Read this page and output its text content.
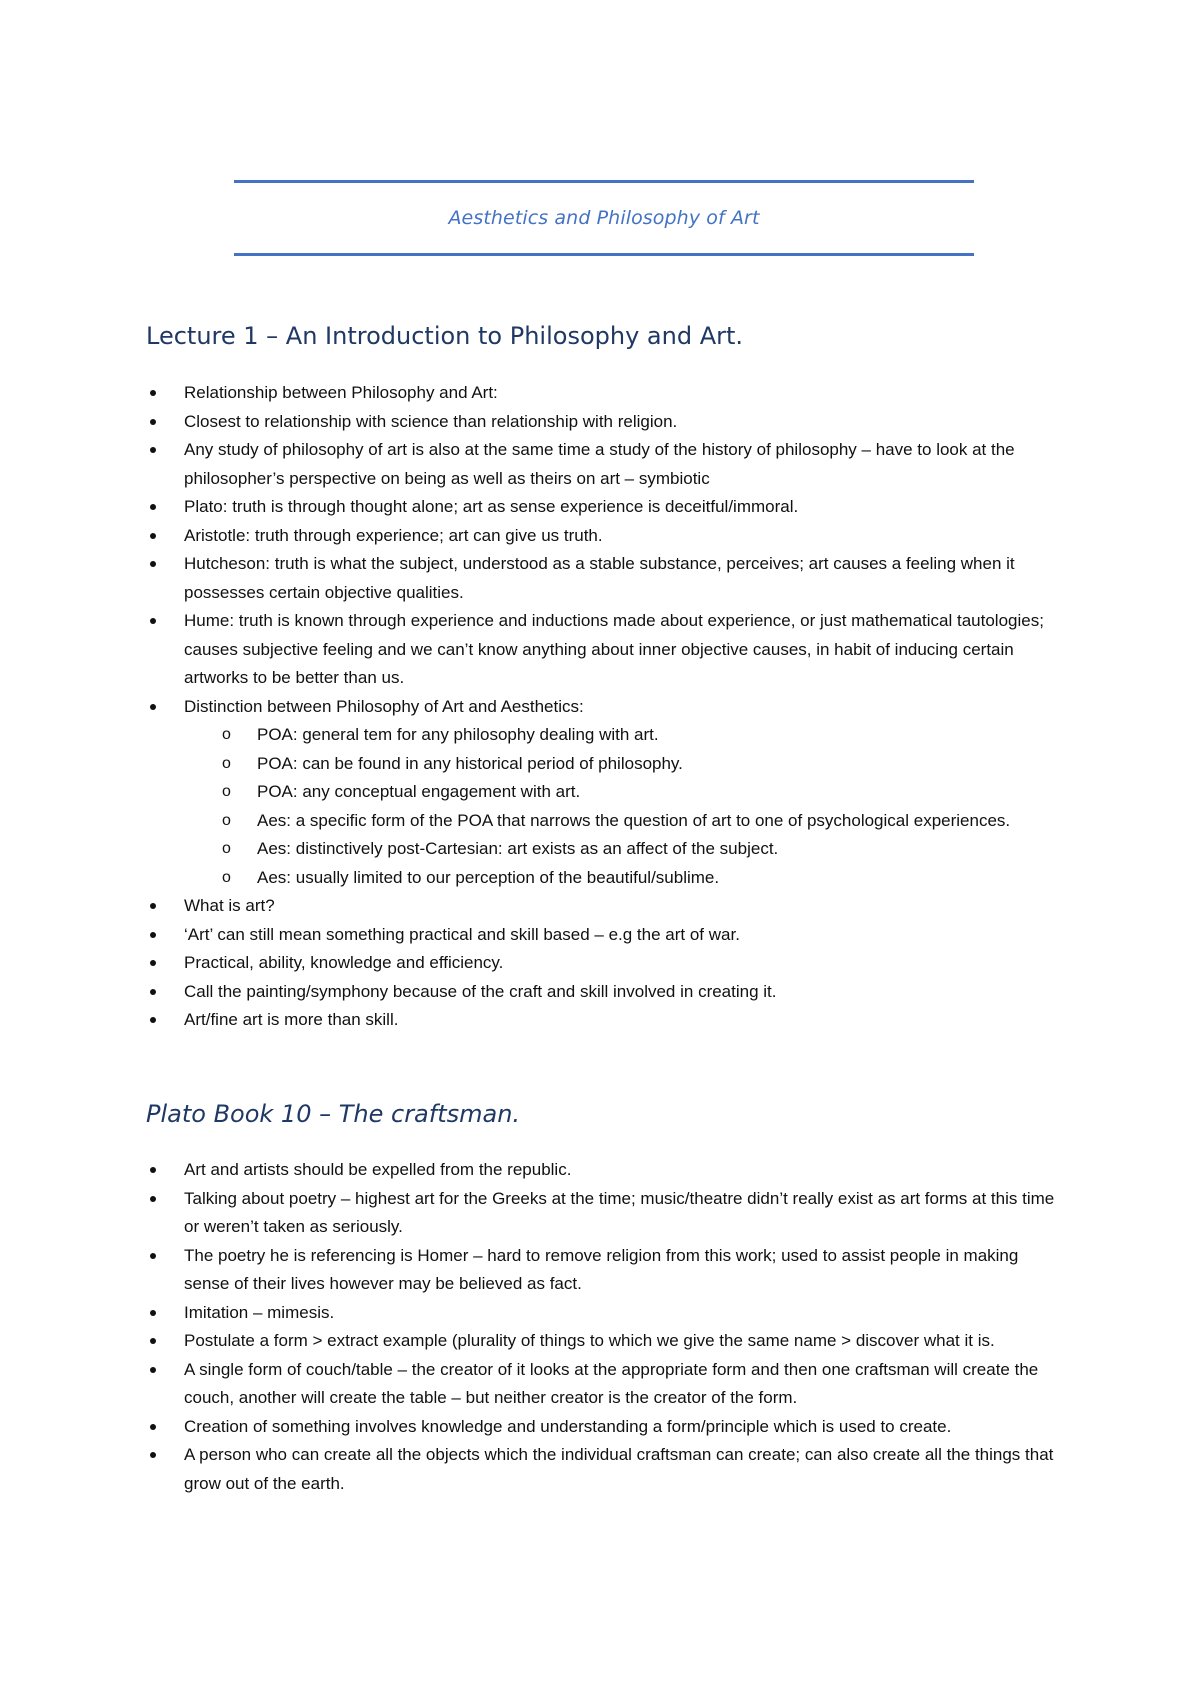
Aesthetics and Philosophy of Art
Lecture 1 – An Introduction to Philosophy and Art.
Relationship between Philosophy and Art:
Closest to relationship with science than relationship with religion.
Any study of philosophy of art is also at the same time a study of the history of philosophy – have to look at the philosopher’s perspective on being as well as theirs on art – symbiotic
Plato: truth is through thought alone; art as sense experience is deceitful/immoral.
Aristotle: truth through experience; art can give us truth.
Hutcheson: truth is what the subject, understood as a stable substance, perceives; art causes a feeling when it possesses certain objective qualities.
Hume: truth is known through experience and inductions made about experience, or just mathematical tautologies; causes subjective feeling and we can’t know anything about inner objective causes, in habit of inducing certain artworks to be better than us.
Distinction between Philosophy of Art and Aesthetics:
o POA: general tem for any philosophy dealing with art.
o POA: can be found in any historical period of philosophy.
o POA: any conceptual engagement with art.
o Aes: a specific form of the POA that narrows the question of art to one of psychological experiences.
o Aes: distinctively post-Cartesian: art exists as an affect of the subject.
o Aes: usually limited to our perception of the beautiful/sublime.
What is art?
‘Art’ can still mean something practical and skill based – e.g the art of war.
Practical, ability, knowledge and efficiency.
Call the painting/symphony because of the craft and skill involved in creating it.
Art/fine art is more than skill.
Plato Book 10 – The craftsman.
Art and artists should be expelled from the republic.
Talking about poetry – highest art for the Greeks at the time; music/theatre didn’t really exist as art forms at this time or weren’t taken as seriously.
The poetry he is referencing is Homer – hard to remove religion from this work; used to assist people in making sense of their lives however may be believed as fact.
Imitation – mimesis.
Postulate a form > extract example (plurality of things to which we give the same name > discover what it is.
A single form of couch/table – the creator of it looks at the appropriate form and then one craftsman will create the couch, another will create the table – but neither creator is the creator of the form.
Creation of something involves knowledge and understanding a form/principle which is used to create.
A person who can create all the objects which the individual craftsman can create; can also create all the things that grow out of the earth.
